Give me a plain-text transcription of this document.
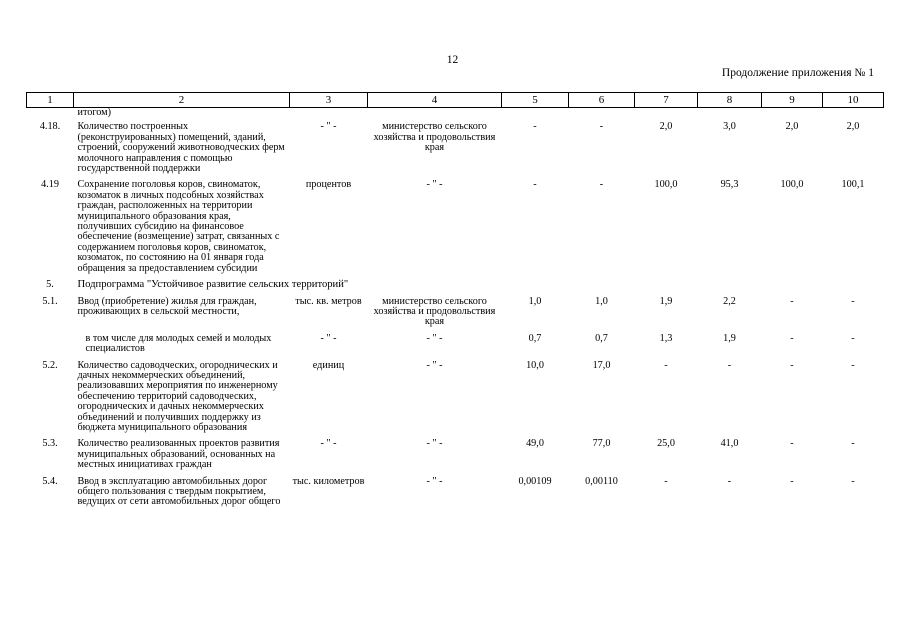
12
Продолжение приложения № 1
1	2	3	4	5	6	7	8	9	10
	итогом)								
4.18.	Количество построенных (реконструированных) помещений, зданий, строений, сооружений животноводческих ферм молочного направления с помощью государственной поддержки	- " -	министерство сельского хозяйства и продовольствия края	-	-	2,0	3,0	2,0	2,0
4.19	Сохранение поголовья коров, свиноматок, козоматок в личных подсобных хозяйствах граждан, расположенных на территории муниципального образования края, получивших субсидию на финансовое обеспечение (возмещение) затрат, связанных с содержанием поголовья коров, свиноматок, козоматок, по состоянию на 01 января года обращения за предоставлением субсидии	процентов	- " -	-	-	100,0	95,3	100,0	100,1
5.	Подпрограмма "Устойчивое развитие сельских территорий"								
5.1.	Ввод (приобретение) жилья для граждан, проживающих в сельской местности,	тыс. кв. метров	министерство сельского хозяйства и продовольствия края	1,0	1,0	1,9	2,2	-	-
	в том числе для молодых семей и молодых специалистов	- " -	- " -	0,7	0,7	1,3	1,9	-	-
5.2.	Количество садоводческих, огороднических и дачных некоммерческих объединений, реализовавших мероприятия по инженерному обеспечению территорий садоводческих, огороднических и дачных некоммерческих объединений и получивших поддержку из бюджета муниципального образования	единиц	- " -	10,0	17,0	-	-	-	-
5.3.	Количество реализованных проектов развития муниципальных образований, основанных на местных инициативах граждан	- " -	- " -	49,0	77,0	25,0	41,0	-	-
5.4.	Ввод в эксплуатацию автомобильных дорог общего пользования с твердым покрытием, ведущих от сети автомобильных дорог общего	тыс. километров	- " -	0,00109	0,00110	-	-	-	-
